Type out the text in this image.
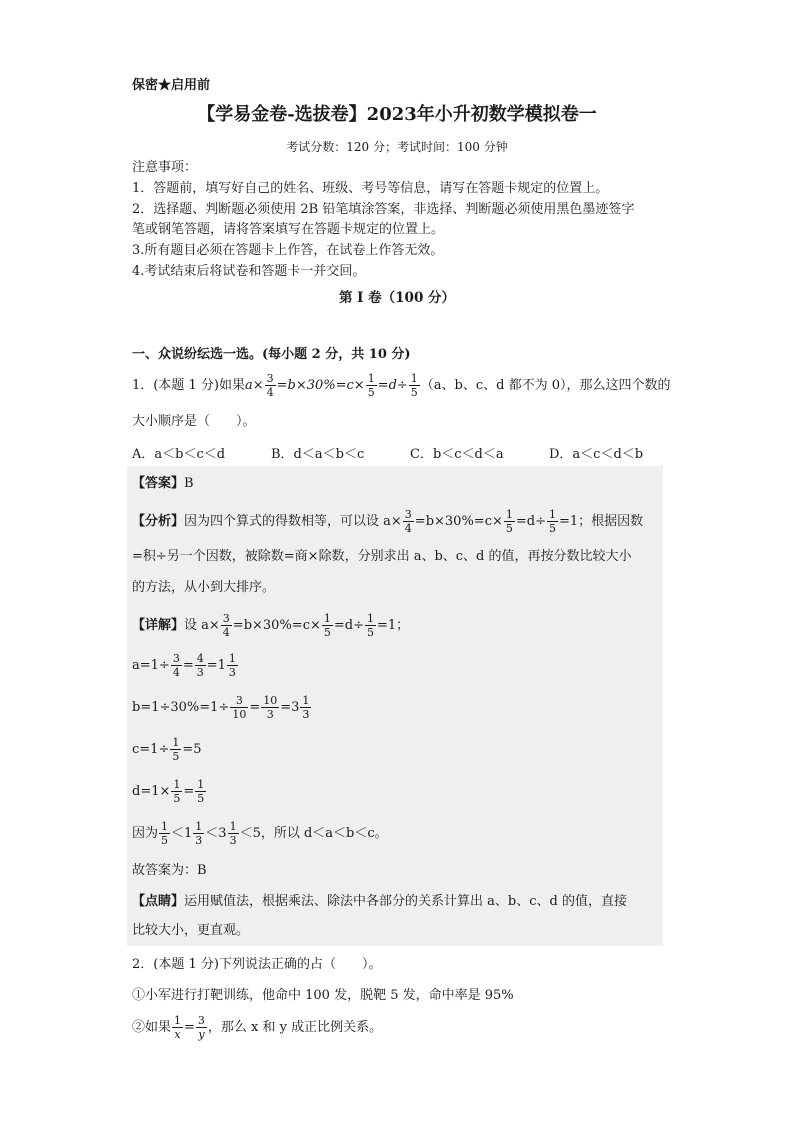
保密★启用前
【学易金卷-选拔卷】2023年小升初数学模拟卷一
考试分数：120 分；考试时间：100 分钟
注意事项：
1．答题前，填写好自己的姓名、班级、考号等信息，请写在答题卡规定的位置上。
2．选择题、判断题必须使用 2B 铅笔填涂答案，非选择、判断题必须使用黑色墨迹签字
笔或钢笔答题，请将答案填写在答题卡规定的位置上。
3.所有题目必须在答题卡上作答，在试卷上作答无效。
4.考试结束后将试卷和答题卡一并交回。
第 I 卷（100 分）
一、众说纷纭选一选。(每小题 2 分，共 10 分)
1．(本题 1 分)如果$a\times \frac{3}{4} =b\times 30\%=c\times \frac{1}{5} =d\div \frac{1}{5} (a$、b、c、d 都不为 0），那么这四个数的
大小顺序是（　　）。
A．a＜b＜c＜d	B．d＜a＜b＜c	C．b＜c＜d＜a	D．a＜c＜d＜b
【答案】B
【分析】因为四个算式的得数相等，可以设 $a\times \frac{3}{4} =b\times 30\%=c\times \frac{1}{5} =d\div \frac{1}{5} =1$；根据因数
=积÷另一个因数，被除数=商×除数，分别求出 a、b、c、d 的值，再按分数比较大小
的方法，从小到大排序。
【详解】设 $a\times \frac{3}{4} =b\times 30\%=c\times \frac{1}{5} =d\div \frac{1}{5} =1$；
$a=1\div \frac{3}{4} = \frac{4}{3} =1 \frac{1}{3}$
$b=1\div 30\%=1\div \frac{3}{10} = \frac{10}{3} =3 \frac{1}{3}$
$c=1\div \frac{1}{5} =5$
$d=1\times \frac{1}{5} = \frac{1}{5}$
因为 $\frac{1}{5} <1 \frac{1}{3} <3 \frac{1}{3} <5$，所以 d＜a＜b＜c。
故答案为：B
【点睛】运用赋值法，根据乘法、除法中各部分的关系计算出 a、b、c、d 的值，直接
比较大小，更直观。
2．(本题 1 分)下列说法正确的占（　　）。
①小军进行打靶训练，他命中 100 发，脱靶 5 发，命中率是 95%
②如果 $\frac{1}{x} = \frac{3}{y}$ ，那么 x 和 y 成正比例关系。
